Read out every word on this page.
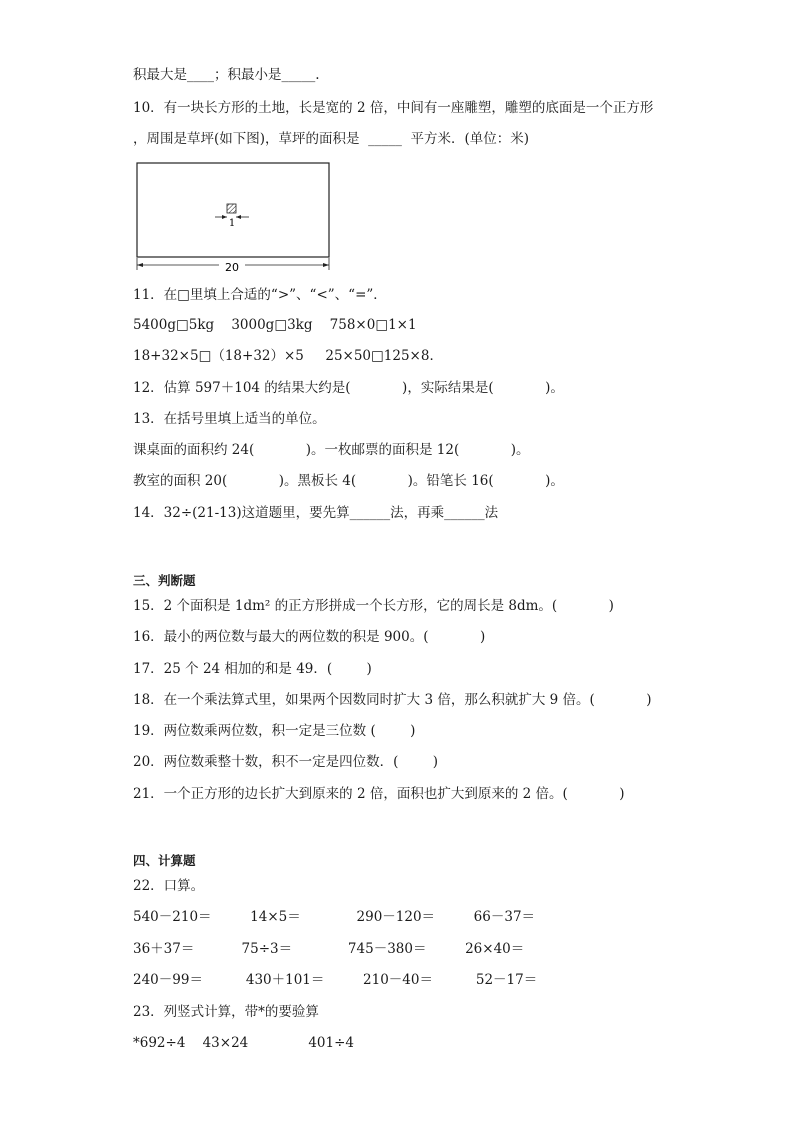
积最大是____；积最小是_____.
10．有一块长方形的土地，长是宽的 2 倍，中间有一座雕塑，雕塑的底面是一个正方形
，周围是草坪(如下图)，草坪的面积是  _____  平方米．(单位：米)
1
20
11．在□里填上合适的“>”、“<”、“=”．
5400g□5kg    3000g□3kg    758×0□1×1
18+32×5□（18+32）×5     25×50□125×8．
12．估算 597＋104 的结果大约是(            )，实际结果是(            )。
13．在括号里填上适当的单位。
课桌面的面积约 24(            )。一枚邮票的面积是 12(            )。
教室的面积 20(            )。黑板长 4(            )。铅笔长 16(            )。
14．32÷(21-13)这道题里，要先算______法，再乘______法
三、判断题
15．2 个面积是 1dm² 的正方形拼成一个长方形，它的周长是 8dm。(            )
16．最小的两位数与最大的两位数的积是 900。(            )
17．25 个 24 相加的和是 49．(        )
18．在一个乘法算式里，如果两个因数同时扩大 3 倍，那么积就扩大 9 倍。(            )
19．两位数乘两位数，积一定是三位数 (        )
20．两位数乘整十数，积不一定是四位数．(        )
21．一个正方形的边长扩大到原来的 2 倍，面积也扩大到原来的 2 倍。(            )
四、计算题
22．口算。
540－210＝         14×5＝             290－120＝         66－37＝
36＋37＝           75÷3＝             745－380＝         26×40＝
240－99＝          430＋101＝         210－40＝          52－17＝
23．列竖式计算，带*的要验算
*692÷4    43×24              401÷4
